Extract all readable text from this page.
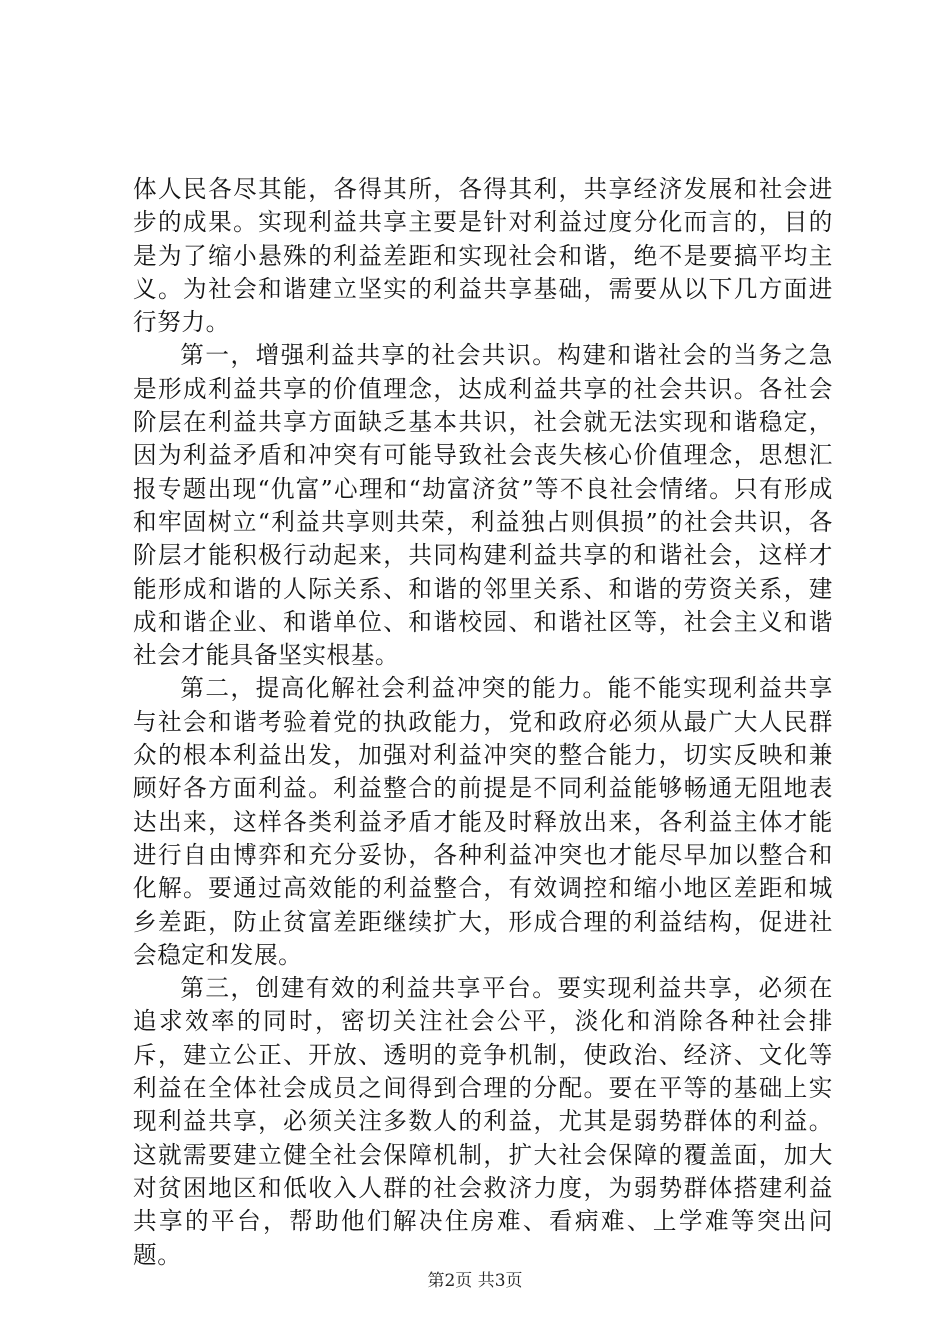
体人民各尽其能，各得其所，各得其利，共享经济发展和社会进步的成果。实现利益共享主要是针对利益过度分化而言的，目的是为了缩小悬殊的利益差距和实现社会和谐，绝不是要搞平均主义。为社会和谐建立坚实的利益共享基础，需要从以下几方面进行努力。

第一，增强利益共享的社会共识。构建和谐社会的当务之急是形成利益共享的价值理念，达成利益共享的社会共识。各社会阶层在利益共享方面缺乏基本共识，社会就无法实现和谐稳定，因为利益矛盾和冲突有可能导致社会丧失核心价值理念，思想汇报专题出现“仇富”心理和“劫富济贫”等不良社会情绪。只有形成和牢固树立“利益共享则共荣，利益独占则俱损”的社会共识，各阶层才能积极行动起来，共同构建利益共享的和谐社会，这样才能形成和谐的人际关系、和谐的邻里关系、和谐的劳资关系，建成和谐企业、和谐单位、和谐校园、和谐社区等，社会主义和谐社会才能具备坚实根基。

第二，提高化解社会利益冲突的能力。能不能实现利益共享与社会和谐考验着党的执政能力，党和政府必须从最广大人民群众的根本利益出发，加强对利益冲突的整合能力，切实反映和兼顾好各方面利益。利益整合的前提是不同利益能够畅通无阻地表达出来，这样各类利益矛盾才能及时释放出来，各利益主体才能进行自由博弈和充分妥协，各种利益冲突也才能尽早加以整合和化解。要通过高效能的利益整合，有效调控和缩小地区差距和城乡差距，防止贫富差距继续扩大，形成合理的利益结构，促进社会稳定和发展。

第三，创建有效的利益共享平台。要实现利益共享，必须在追求效率的同时，密切关注社会公平，淡化和消除各种社会排斥，建立公正、开放、透明的竞争机制，使政治、经济、文化等利益在全体社会成员之间得到合理的分配。要在平等的基础上实现利益共享，必须关注多数人的利益，尤其是弱势群体的利益。这就需要建立健全社会保障机制，扩大社会保障的覆盖面，加大对贫困地区和低收入人群的社会救济力度，为弱势群体搭建利益共享的平台，帮助他们解决住房难、看病难、上学难等突出问题。

第2页 共3页
